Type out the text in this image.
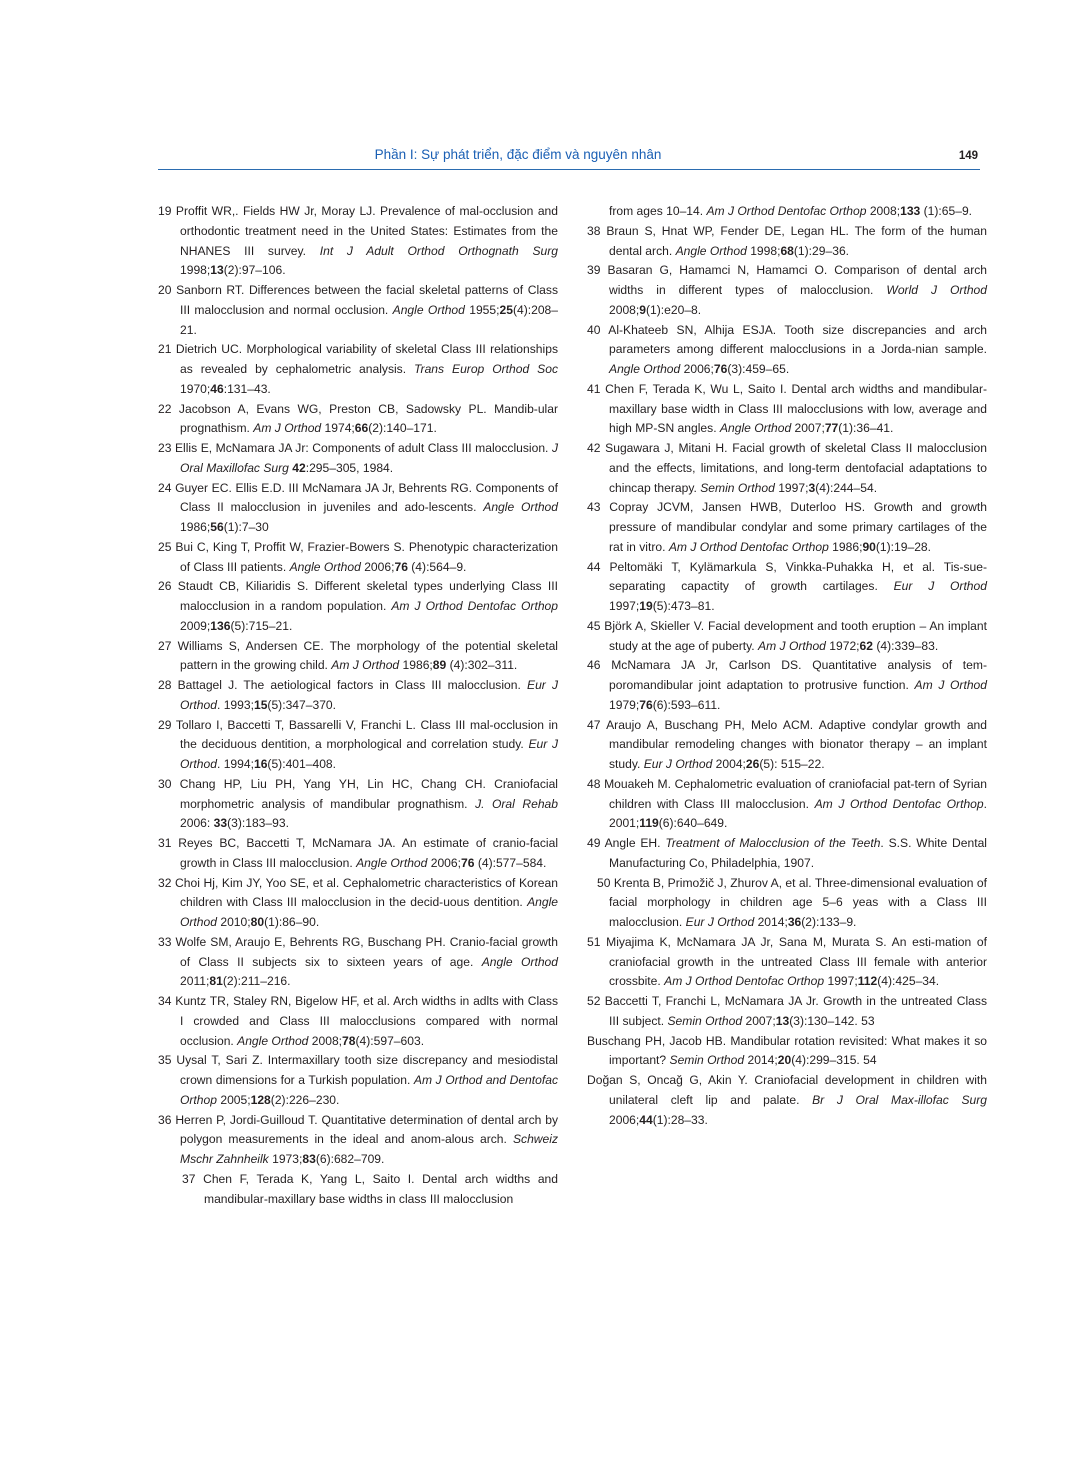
Phần I: Sự phát triển, đặc điểm và nguyên nhân	149

19 Proffit WR,. Fields HW Jr, Moray LJ. Prevalence of mal-occlusion and orthodontic treatment need in the United States: Estimates from the NHANES III survey. Int J Adult Orthod Orthognath Surg 1998;13(2):97–106.

20 Sanborn RT. Differences between the facial skeletal patterns of Class III malocclusion and normal occlusion. Angle Orthod 1955;25(4):208–21.

21 Dietrich UC. Morphological variability of skeletal Class III relationships as revealed by cephalometric analysis. Trans Europ Orthod Soc 1970;46:131–43.

22 Jacobson A, Evans WG, Preston CB, Sadowsky PL. Mandib-ular prognathism. Am J Orthod 1974;66(2):140–171.

23 Ellis E, McNamara JA Jr: Components of adult Class III malocclusion. J Oral Maxillofac Surg 42:295–305, 1984.

24 Guyer EC. Ellis E.D. III McNamara JA Jr, Behrents RG. Components of Class II malocclusion in juveniles and ado-lescents. Angle Orthod 1986;56(1):7–30

25 Bui C, King T, Proffit W, Frazier-Bowers S. Phenotypic characterization of Class III patients. Angle Orthod 2006;76 (4):564–9.

26 Staudt CB, Kiliaridis S. Different skeletal types underlying Class III malocclusion in a random population. Am J Orthod Dentofac Orthop 2009;136(5):715–21.

27 Williams S, Andersen CE. The morphology of the potential skeletal pattern in the growing child. Am J Orthod 1986;89 (4):302–311.

28 Battagel J. The aetiological factors in Class III malocclusion. Eur J Orthod. 1993;15(5):347–370.

29 Tollaro I, Baccetti T, Bassarelli V, Franchi L. Class III mal-occlusion in the deciduous dentition, a morphological and correlation study. Eur J Orthod. 1994;16(5):401–408.

30 Chang HP, Liu PH, Yang YH, Lin HC, Chang CH. Craniofacial morphometric analysis of mandibular prognathism. J. Oral Rehab 2006: 33(3):183–93.

31 Reyes BC, Baccetti T, McNamara JA. An estimate of cranio-facial growth in Class III malocclusion. Angle Orthod 2006;76 (4):577–584.

32 Choi Hj, Kim JY, Yoo SE, et al. Cephalometric characteristics of Korean children with Class III malocclusion in the decid-uous dentition. Angle Orthod 2010;80(1):86–90.

33 Wolfe SM, Araujo E, Behrents RG, Buschang PH. Cranio-facial growth of Class II subjects six to sixteen years of age. Angle Orthod 2011;81(2):211–216.

34 Kuntz TR, Staley RN, Bigelow HF, et al. Arch widths in adlts with Class I crowded and Class III malocclusions compared with normal occlusion. Angle Orthod 2008;78(4):597–603.

35 Uysal T, Sari Z. Intermaxillary tooth size discrepancy and mesiodistal crown dimensions for a Turkish population. Am J Orthod and Dentofac Orthop 2005;128(2):226–230.

36 Herren P, Jordi-Guilloud T. Quantitative determination of dental arch by polygon measurements in the ideal and anom-alous arch. Schweiz Mschr Zahnheilk 1973;83(6):682–709.

37 Chen F, Terada K, Yang L, Saito I. Dental arch widths and mandibular-maxillary base widths in class III malocclusion

from ages 10–14. Am J Orthod Dentofac Orthop 2008;133 (1):65–9.

38 Braun S, Hnat WP, Fender DE, Legan HL. The form of the human dental arch. Angle Orthod 1998;68(1):29–36.

39 Basaran G, Hamamci N, Hamamci O. Comparison of dental arch widths in different types of malocclusion. World J Orthod 2008;9(1):e20–8.

40 Al-Khateeb SN, Alhija ESJA. Tooth size discrepancies and arch parameters among different malocclusions in a Jorda-nian sample. Angle Orthod 2006;76(3):459–65.

41 Chen F, Terada K, Wu L, Saito I. Dental arch widths and mandibular-maxillary base width in Class III malocclusions with low, average and high MP-SN angles. Angle Orthod 2007;77(1):36–41.

42 Sugawara J, Mitani H. Facial growth of skeletal Class II malocclusion and the effects, limitations, and long-term dentofacial adaptations to chincap therapy. Semin Orthod 1997;3(4):244–54.

43 Copray JCVM, Jansen HWB, Duterloo HS. Growth and growth pressure of mandibular condylar and some primary cartilages of the rat in vitro. Am J Orthod Dentofac Orthop 1986;90(1):19–28.

44 Peltomäki T, Kylämarkula S, Vinkka-Puhakka H, et al. Tis-sue-separating capactity of growth cartilages. Eur J Orthod 1997;19(5):473–81.

45 Björk A, Skieller V. Facial development and tooth eruption – An implant study at the age of puberty. Am J Orthod 1972;62 (4):339–83.

46 McNamara JA Jr, Carlson DS. Quantitative analysis of tem-poromandibular joint adaptation to protrusive function. Am J Orthod 1979;76(6):593–611.

47 Araujo A, Buschang PH, Melo ACM. Adaptive condylar growth and mandibular remodeling changes with bionator therapy – an implant study. Eur J Orthod 2004;26(5): 515–22.

48 Mouakeh M. Cephalometric evaluation of craniofacial pat-tern of Syrian children with Class III malocclusion. Am J Orthod Dentofac Orthop. 2001;119(6):640–649.

49 Angle EH. Treatment of Malocclusion of the Teeth. S.S. White Dental Manufacturing Co, Philadelphia, 1907.

50 Krenta B, Primožič J, Zhurov A, et al. Three-dimensional evaluation of facial morphology in children age 5–6 yeas with a Class III malocclusion. Eur J Orthod 2014;36(2):133–9.

51 Miyajima K, McNamara JA Jr, Sana M, Murata S. An esti-mation of craniofacial growth in the untreated Class III female with anterior crossbite. Am J Orthod Dentofac Orthop 1997;112(4):425–34.

52 Baccetti T, Franchi L, McNamara JA Jr. Growth in the untreated Class III subject. Semin Orthod 2007;13(3):130–142. 53

Buschang PH, Jacob HB. Mandibular rotation revisited: What makes it so important? Semin Orthod 2014;20(4):299–315. 54

Doğan S, Oncağ G, Akin Y. Craniofacial development in children with unilateral cleft lip and palate. Br J Oral Max-illofac Surg 2006;44(1):28–33.
